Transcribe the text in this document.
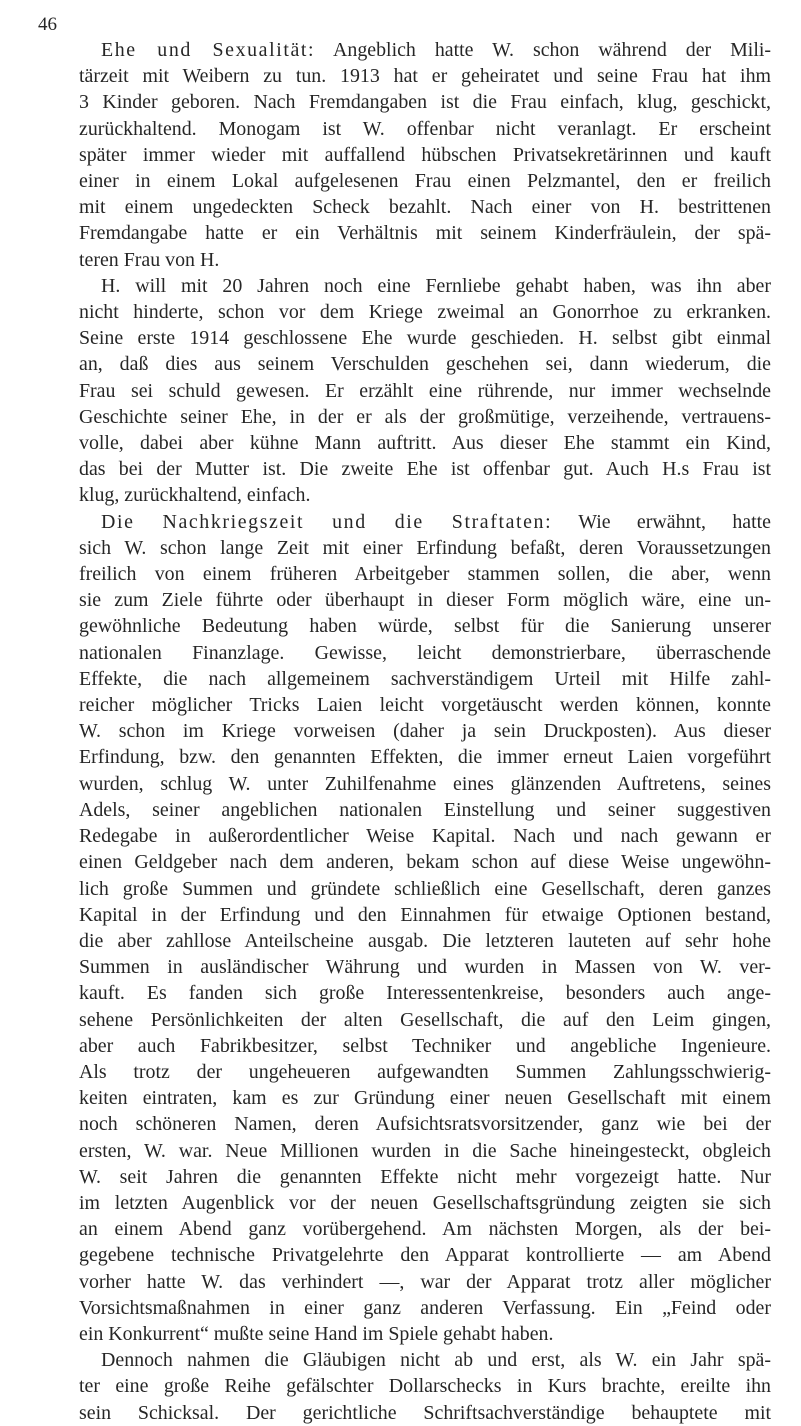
46
Ehe und Sexualität: Angeblich hatte W. schon während der Mili-
tärzeit mit Weibern zu tun. 1913 hat er geheiratet und seine Frau hat ihm
3 Kinder geboren. Nach Fremdangaben ist die Frau einfach, klug, geschickt,
zurückhaltend. Monogam ist W. offenbar nicht veranlagt. Er erscheint
später immer wieder mit auffallend hübschen Privatsekretärinnen und kauft
einer in einem Lokal aufgelesenen Frau einen Pelzmantel, den er freilich
mit einem ungedeckten Scheck bezahlt. Nach einer von H. bestrittenen
Fremdangabe hatte er ein Verhältnis mit seinem Kinderfräulein, der spä-
teren Frau von H.
H. will mit 20 Jahren noch eine Fernliebe gehabt haben, was ihn aber
nicht hinderte, schon vor dem Kriege zweimal an Gonorrhoe zu erkranken.
Seine erste 1914 geschlossene Ehe wurde geschieden. H. selbst gibt einmal
an, daß dies aus seinem Verschulden geschehen sei, dann wiederum, die
Frau sei schuld gewesen. Er erzählt eine rührende, nur immer wechselnde
Geschichte seiner Ehe, in der er als der großmütige, verzeihende, vertrauens-
volle, dabei aber kühne Mann auftritt. Aus dieser Ehe stammt ein Kind,
das bei der Mutter ist. Die zweite Ehe ist offenbar gut. Auch H.s Frau ist
klug, zurückhaltend, einfach.
Die Nachkriegszeit und die Straftaten: Wie erwähnt, hatte
sich W. schon lange Zeit mit einer Erfindung befaßt, deren Voraussetzungen
freilich von einem früheren Arbeitgeber stammen sollen, die aber, wenn
sie zum Ziele führte oder überhaupt in dieser Form möglich wäre, eine un-
gewöhnliche Bedeutung haben würde, selbst für die Sanierung unserer
nationalen Finanzlage. Gewisse, leicht demonstrierbare, überraschende
Effekte, die nach allgemeinem sachverständigem Urteil mit Hilfe zahl-
reicher möglicher Tricks Laien leicht vorgetäuscht werden können, konnte
W. schon im Kriege vorweisen (daher ja sein Druckposten). Aus dieser
Erfindung, bzw. den genannten Effekten, die immer erneut Laien vorgeführt
wurden, schlug W. unter Zuhilfenahme eines glänzenden Auftretens, seines
Adels, seiner angeblichen nationalen Einstellung und seiner suggestiven
Redegabe in außerordentlicher Weise Kapital. Nach und nach gewann er
einen Geldgeber nach dem anderen, bekam schon auf diese Weise ungewöhn-
lich große Summen und gründete schließlich eine Gesellschaft, deren ganzes
Kapital in der Erfindung und den Einnahmen für etwaige Optionen bestand,
die aber zahllose Anteilscheine ausgab. Die letzteren lauteten auf sehr hohe
Summen in ausländischer Währung und wurden in Massen von W. ver-
kauft. Es fanden sich große Interessentenkreise, besonders auch ange-
sehene Persönlichkeiten der alten Gesellschaft, die auf den Leim gingen,
aber auch Fabrikbesitzer, selbst Techniker und angebliche Ingenieure.
Als trotz der ungeheueren aufgewandten Summen Zahlungsschwierig-
keiten eintraten, kam es zur Gründung einer neuen Gesellschaft mit einem
noch schöneren Namen, deren Aufsichtsratsvorsitzender, ganz wie bei der
ersten, W. war. Neue Millionen wurden in die Sache hineingesteckt, obgleich
W. seit Jahren die genannten Effekte nicht mehr vorgezeigt hatte. Nur
im letzten Augenblick vor der neuen Gesellschaftsgründung zeigten sie sich
an einem Abend ganz vorübergehend. Am nächsten Morgen, als der bei-
gegebene technische Privatgelehrte den Apparat kontrollierte — am Abend
vorher hatte W. das verhindert —, war der Apparat trotz aller möglicher
Vorsichtsmaßnahmen in einer ganz anderen Verfassung. Ein „Feind oder
ein Konkurrent“ mußte seine Hand im Spiele gehabt haben.
Dennoch nahmen die Gläubigen nicht ab und erst, als W. ein Jahr spä-
ter eine große Reihe gefälschter Dollarschecks in Kurs brachte, ereilte ihn
sein Schicksal. Der gerichtliche Schriftsachverständige behauptete mit
